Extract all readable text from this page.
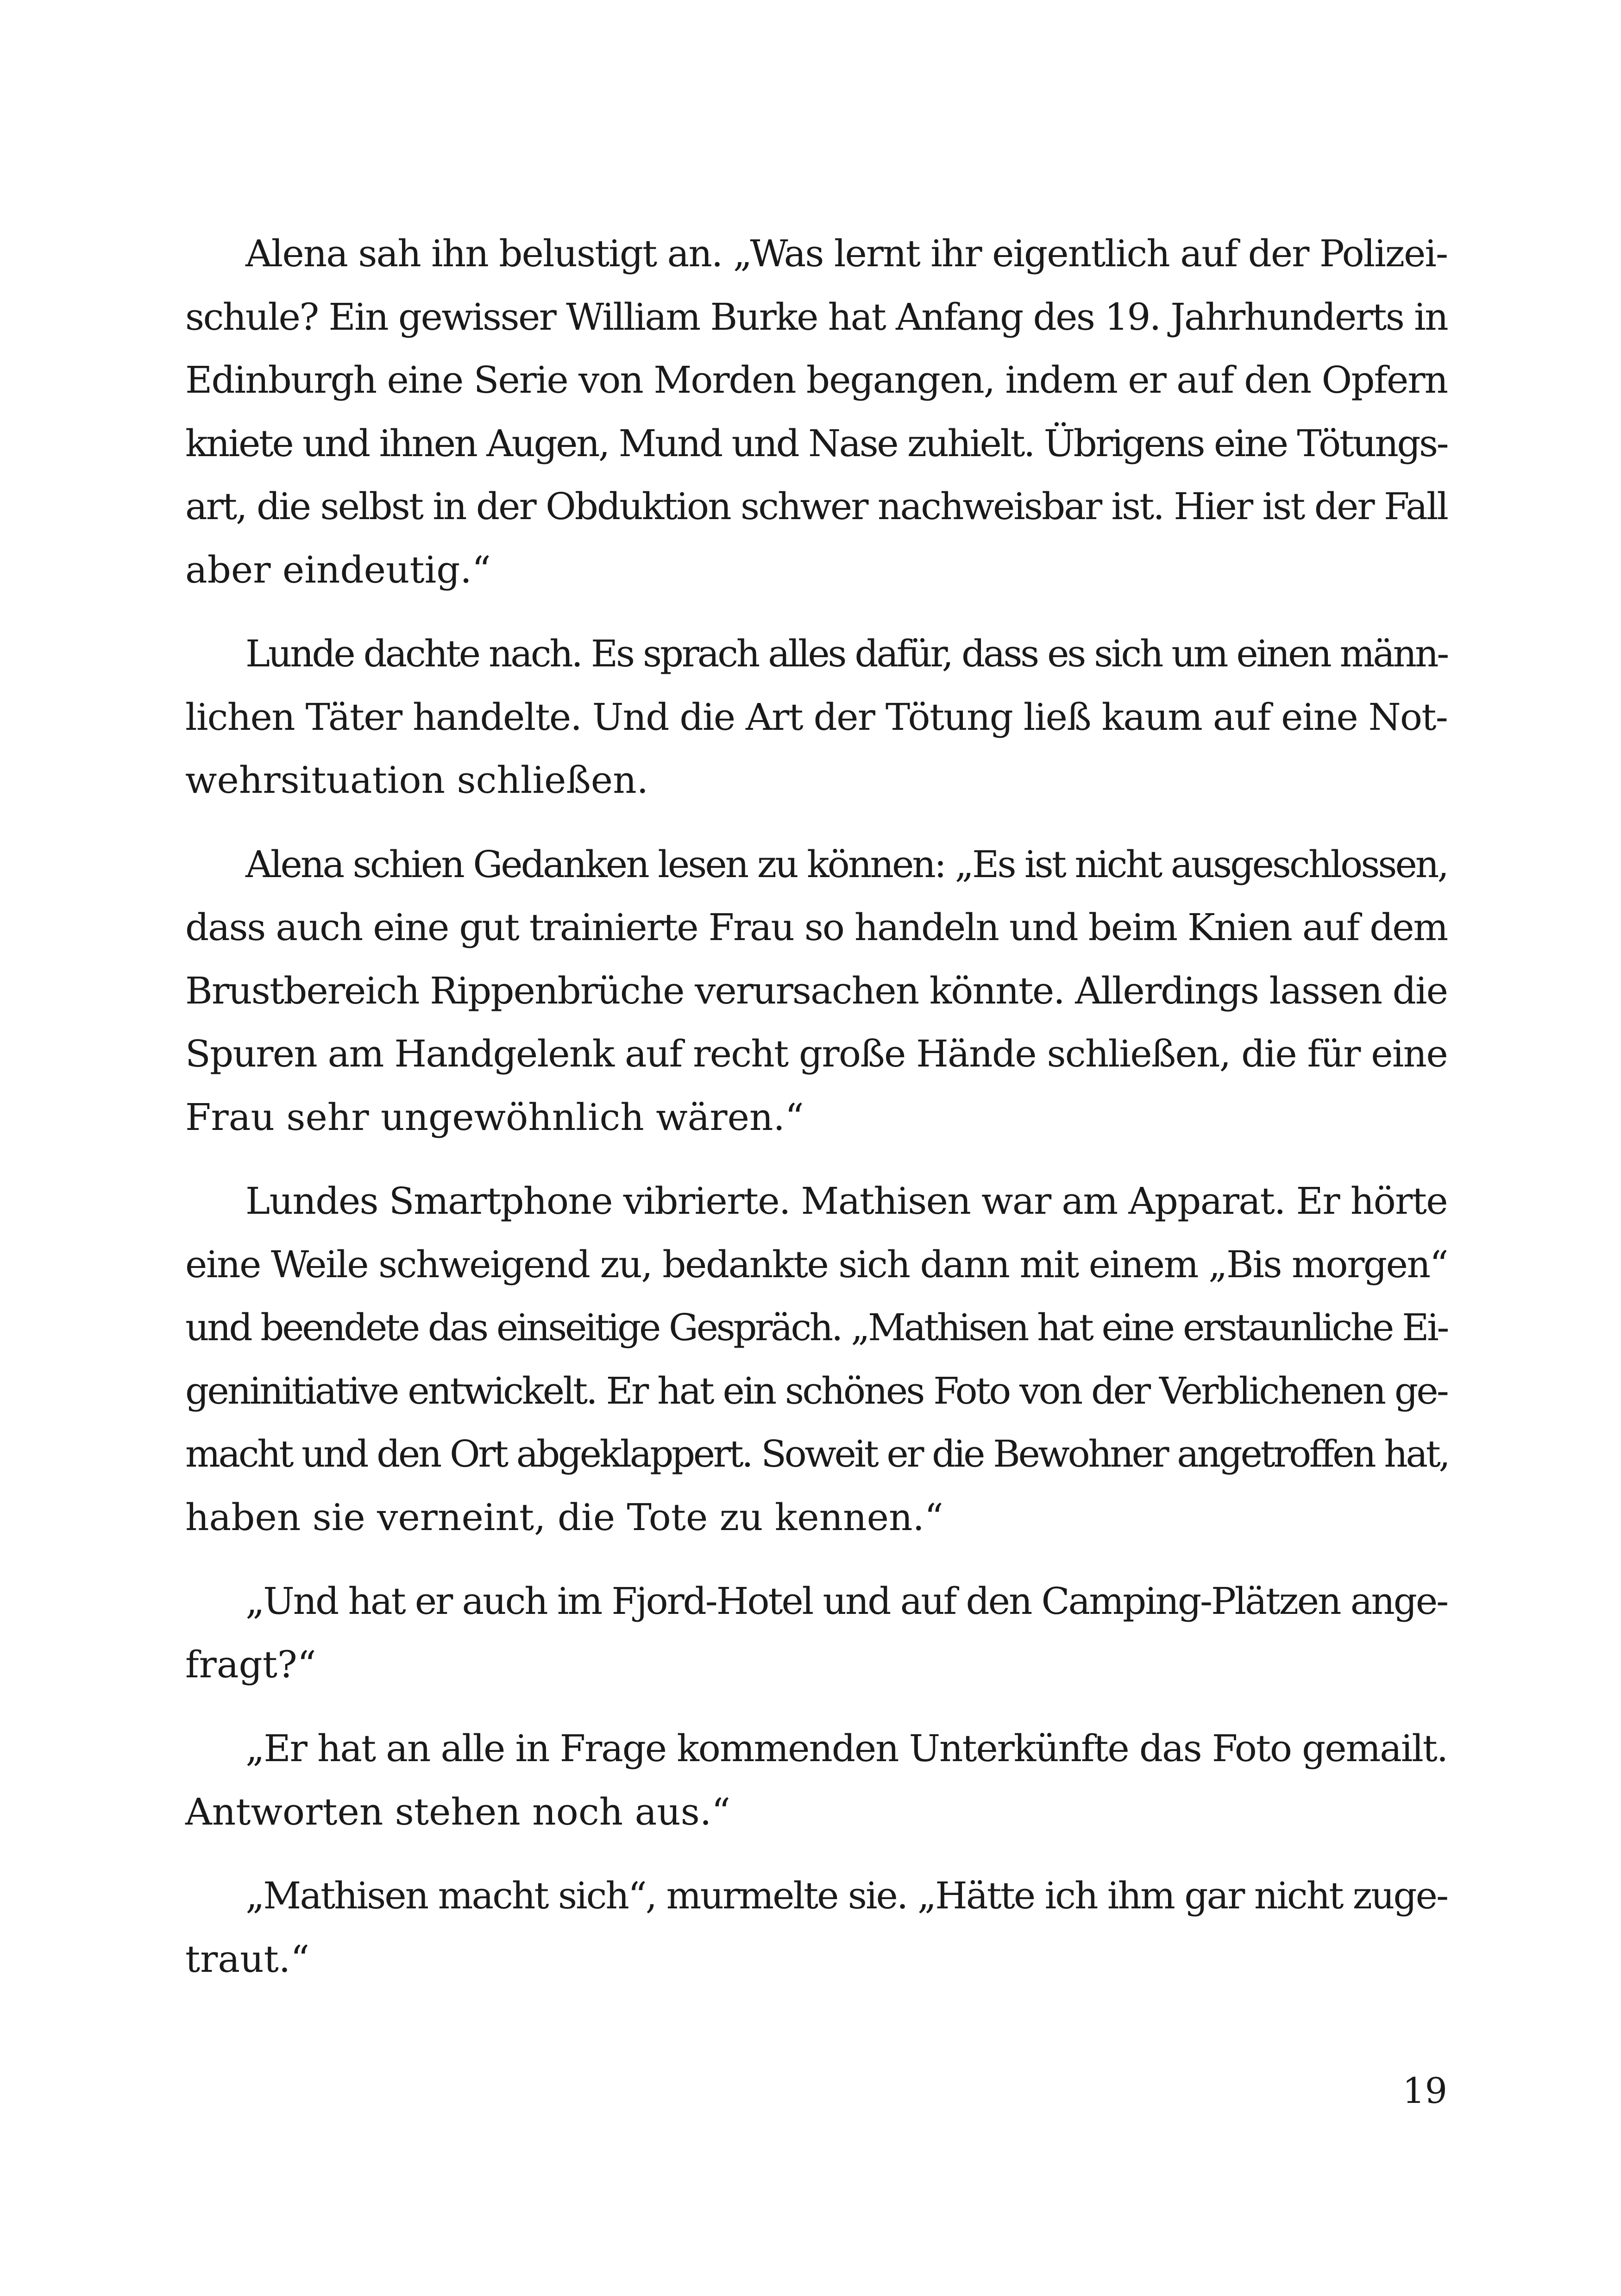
Alena sah ihn belustigt an. „Was lernt ihr eigentlich auf der Polizei-
schule? Ein gewisser William Burke hat Anfang des 19. Jahrhunderts in
Edinburgh eine Serie von Morden begangen, indem er auf den Opfern
kniete und ihnen Augen, Mund und Nase zuhielt. Übrigens eine Tötungs-
art, die selbst in der Obduktion schwer nachweisbar ist. Hier ist der Fall
aber eindeutig.“

Lunde dachte nach. Es sprach alles dafür, dass es sich um einen männ-
lichen Täter handelte. Und die Art der Tötung ließ kaum auf eine Not-
wehrsituation schließen.

Alena schien Gedanken lesen zu können: „Es ist nicht ausgeschlossen,
dass auch eine gut trainierte Frau so handeln und beim Knien auf dem
Brustbereich Rippenbrüche verursachen könnte. Allerdings lassen die
Spuren am Handgelenk auf recht große Hände schließen, die für eine
Frau sehr ungewöhnlich wären.“

Lundes Smartphone vibrierte. Mathisen war am Apparat. Er hörte
eine Weile schweigend zu, bedankte sich dann mit einem „Bis morgen“
und beendete das einseitige Gespräch. „Mathisen hat eine erstaunliche Ei-
geninitiative entwickelt. Er hat ein schönes Foto von der Verblichenen ge-
macht und den Ort abgeklappert. Soweit er die Bewohner angetroffen hat,
haben sie verneint, die Tote zu kennen.“

„Und hat er auch im Fjord-Hotel und auf den Camping-Plätzen ange-
fragt?“

„Er hat an alle in Frage kommenden Unterkünfte das Foto gemailt.
Antworten stehen noch aus.“

„Mathisen macht sich“, murmelte sie. „Hätte ich ihm gar nicht zuge-
traut.“

19
